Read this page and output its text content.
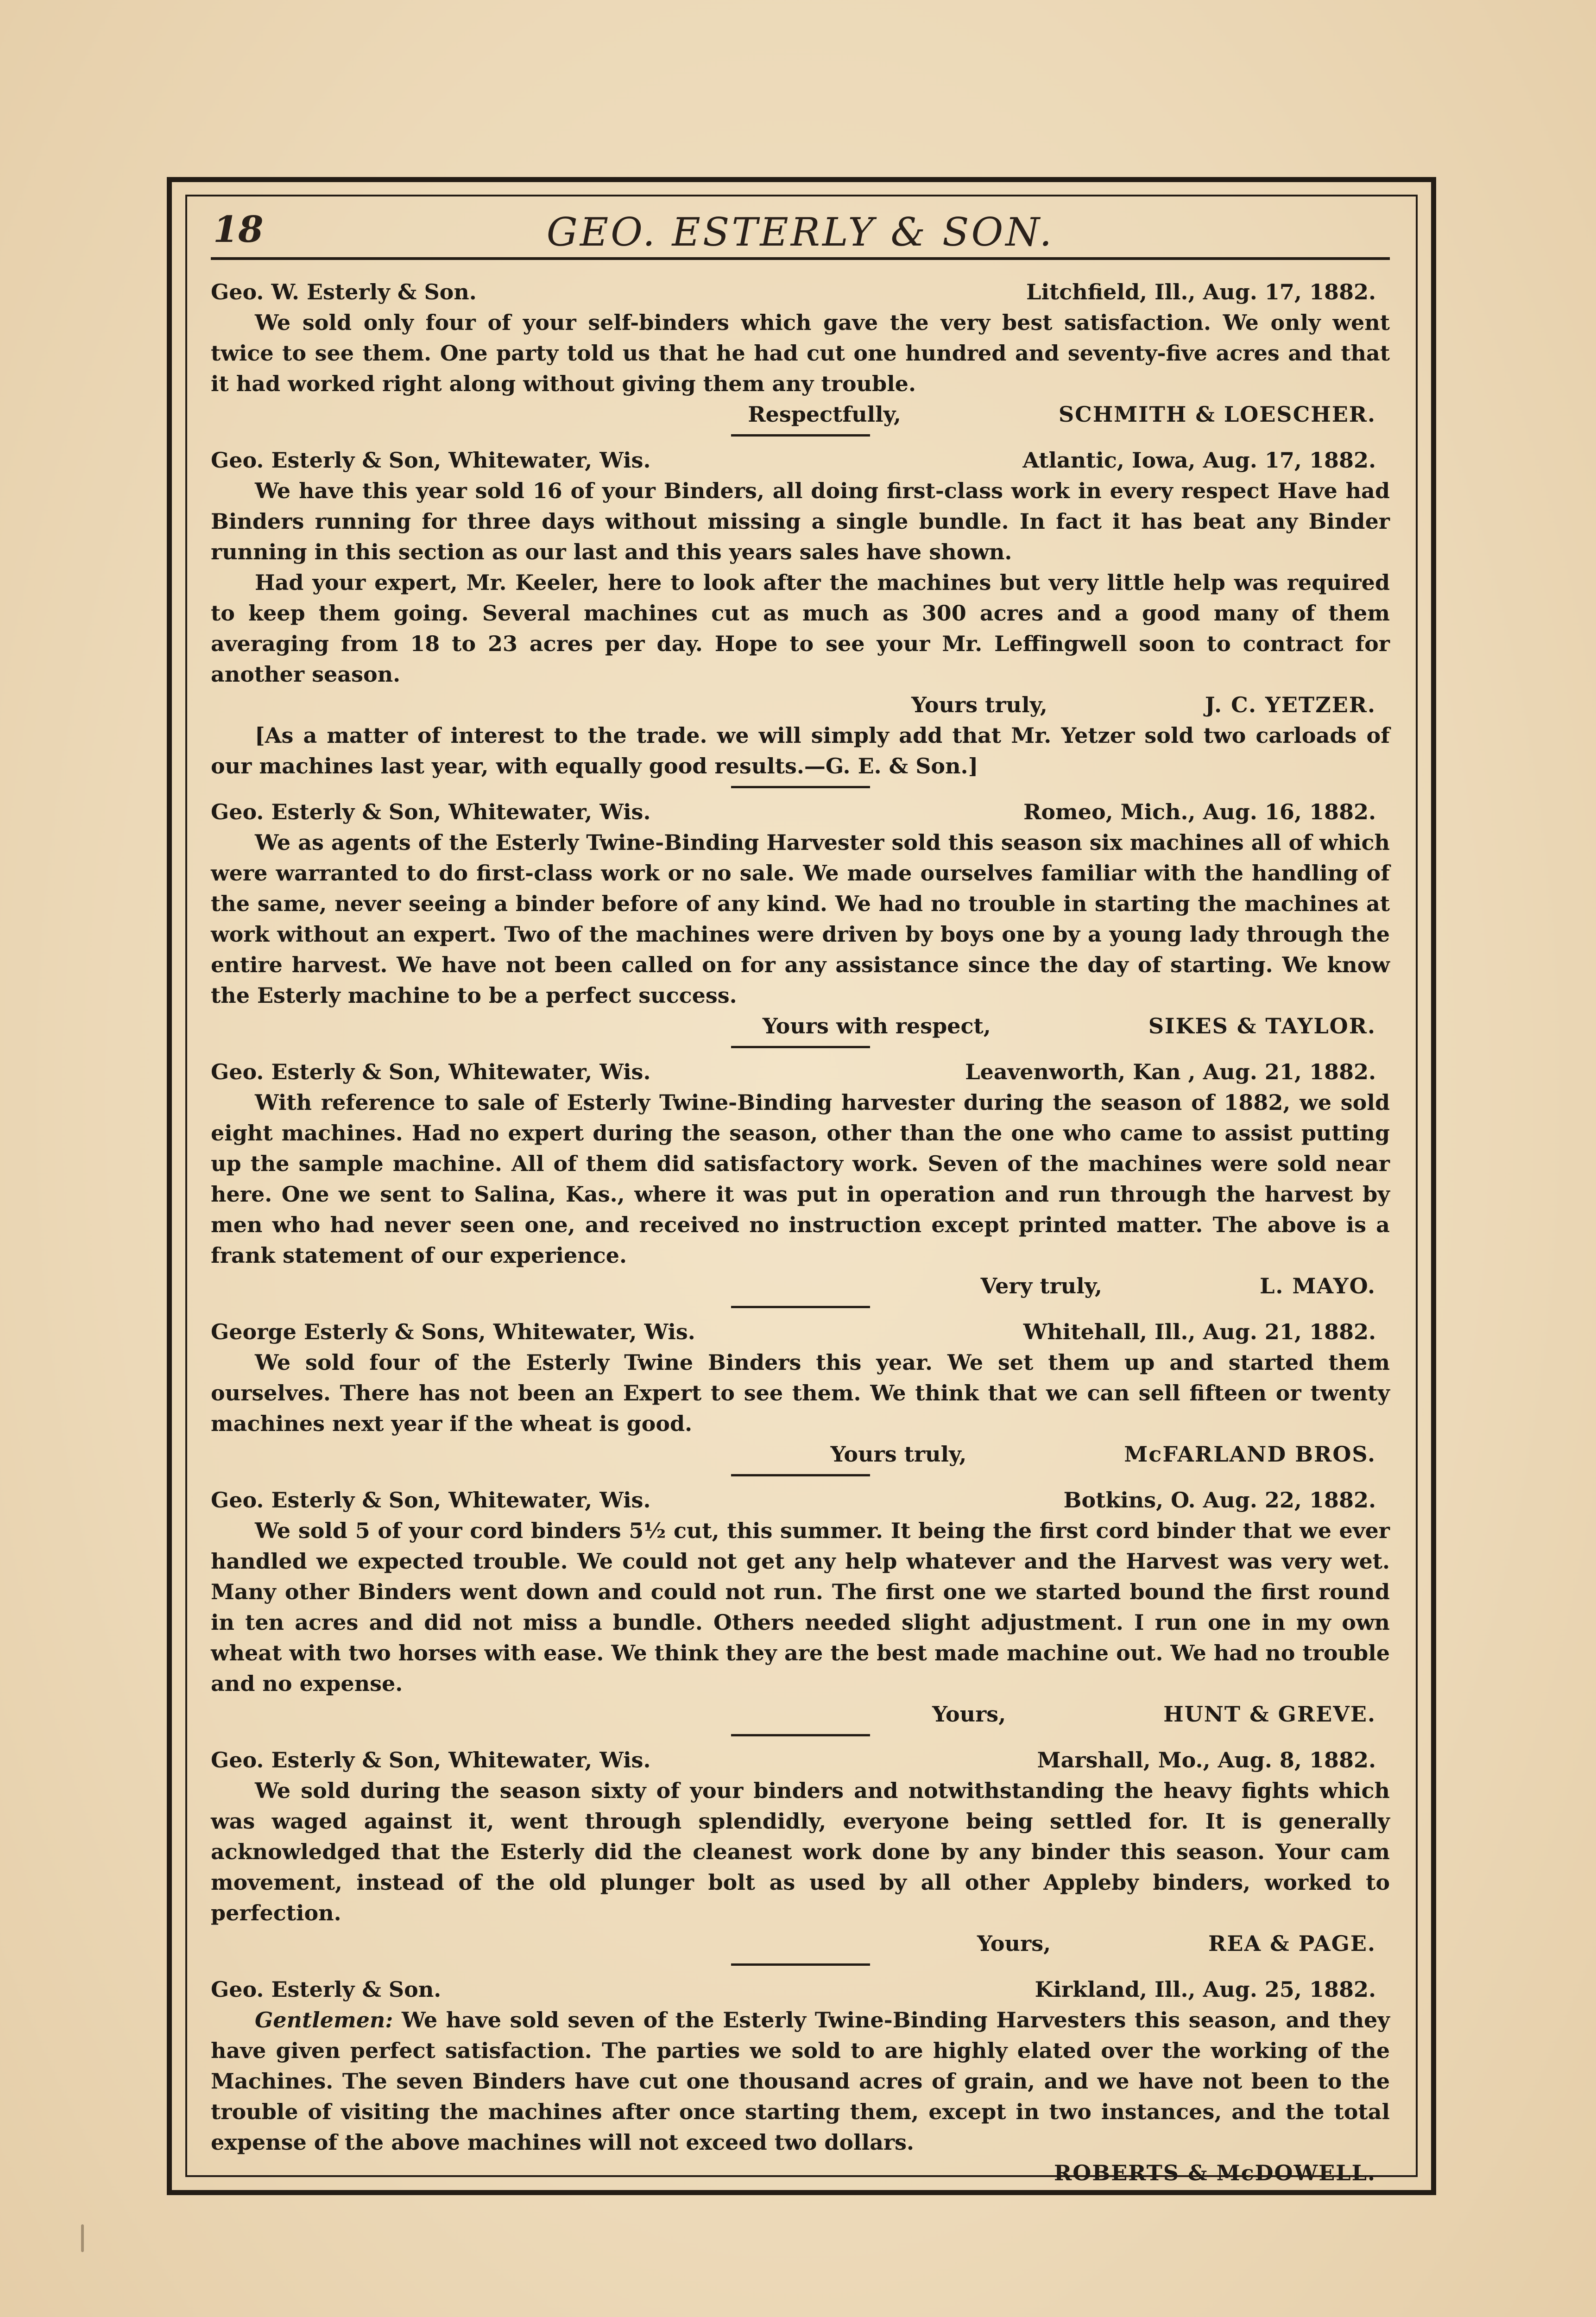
18	GEO. ESTERLY & SON.
Geo. W. Esterly & Son.	Litchfield, Ill., Aug. 17, 1882.

We sold only four of your self-binders which gave the very best satisfaction. We only went twice to see them. One party told us that he had cut one hundred and seventy-five acres and that it had worked right along without giving them any trouble.

Respectfully,	SCHMITH & LOESCHER.
Geo. Esterly & Son, Whitewater, Wis.	Atlantic, Iowa, Aug. 17, 1882.

We have this year sold 16 of your Binders, all doing first-class work in every respect Have had Binders running for three days without missing a single bundle. In fact it has beat any Binder running in this section as our last and this years sales have shown.

Had your expert, Mr. Keeler, here to look after the machines but very little help was required to keep them going. Several machines cut as much as 300 acres and a good many of them averaging from 18 to 23 acres per day. Hope to see your Mr. Leffingwell soon to contract for another season.

Yours truly,	J. C. YETZER.

[As a matter of interest to the trade. we will simply add that Mr. Yetzer sold two carloads of our machines last year, with equally good results.—G. E. & Son.]

Geo. Esterly & Son, Whitewater, Wis.	Romeo, Mich., Aug. 16, 1882.

We as agents of the Esterly Twine-Binding Harvester sold this season six machines all of which were warranted to do first-class work or no sale. We made ourselves familiar with the handling of the same, never seeing a binder before of any kind. We had no trouble in starting the machines at work without an expert. Two of the machines were driven by boys one by a young lady through the entire harvest. We have not been called on for any assistance since the day of starting. We know the Esterly machine to be a perfect success.

Yours with respect,	SIKES & TAYLOR.
Geo. Esterly & Son, Whitewater, Wis.	Leavenworth, Kan , Aug. 21, 1882.

With reference to sale of Esterly Twine-Binding harvester during the season of 1882, we sold eight machines. Had no expert during the season, other than the one who came to assist putting up the sample machine. All of them did satisfactory work. Seven of the machines were sold near here. One we sent to Salina, Kas., where it was put in operation and run through the harvest by men who had never seen one, and received no instruction except printed matter. The above is a frank statement of our experience.

Very truly,	L. MAYO.
George Esterly & Sons, Whitewater, Wis.	Whitehall, Ill., Aug. 21, 1882.

We sold four of the Esterly Twine Binders this year. We set them up and started them ourselves. There has not been an Expert to see them. We think that we can sell fifteen or twenty machines next year if the wheat is good.

Yours truly,	McFARLAND BROS.
Geo. Esterly & Son, Whitewater, Wis.	Botkins, O. Aug. 22, 1882.

We sold 5 of your cord binders 5½ cut, this summer. It being the first cord binder that we ever handled we expected trouble. We could not get any help whatever and the Harvest was very wet. Many other Binders went down and could not run. The first one we started bound the first round in ten acres and did not miss a bundle. Others needed slight adjustment. I run one in my own wheat with two horses with ease. We think they are the best made machine out. We had no trouble and no expense.

Yours,	HUNT & GREVE.
Geo. Esterly & Son, Whitewater, Wis.	Marshall, Mo., Aug. 8, 1882.

We sold during the season sixty of your binders and notwithstanding the heavy fights which was waged against it, went through splendidly, everyone being settled for. It is generally acknowledged that the Esterly did the cleanest work done by any binder this season. Your cam movement, instead of the old plunger bolt as used by all other Appleby binders, worked to perfection.

Yours,	REA & PAGE.
Geo. Esterly & Son.	Kirkland, Ill., Aug. 25, 1882.

Gentlemen: We have sold seven of the Esterly Twine-Binding Harvesters this season, and they have given perfect satisfaction. The parties we sold to are highly elated over the working of the Machines. The seven Binders have cut one thousand acres of grain, and we have not been to the trouble of visiting the machines after once starting them, except in two instances, and the total expense of the above machines will not exceed two dollars.

ROBERTS & McDOWELL.
